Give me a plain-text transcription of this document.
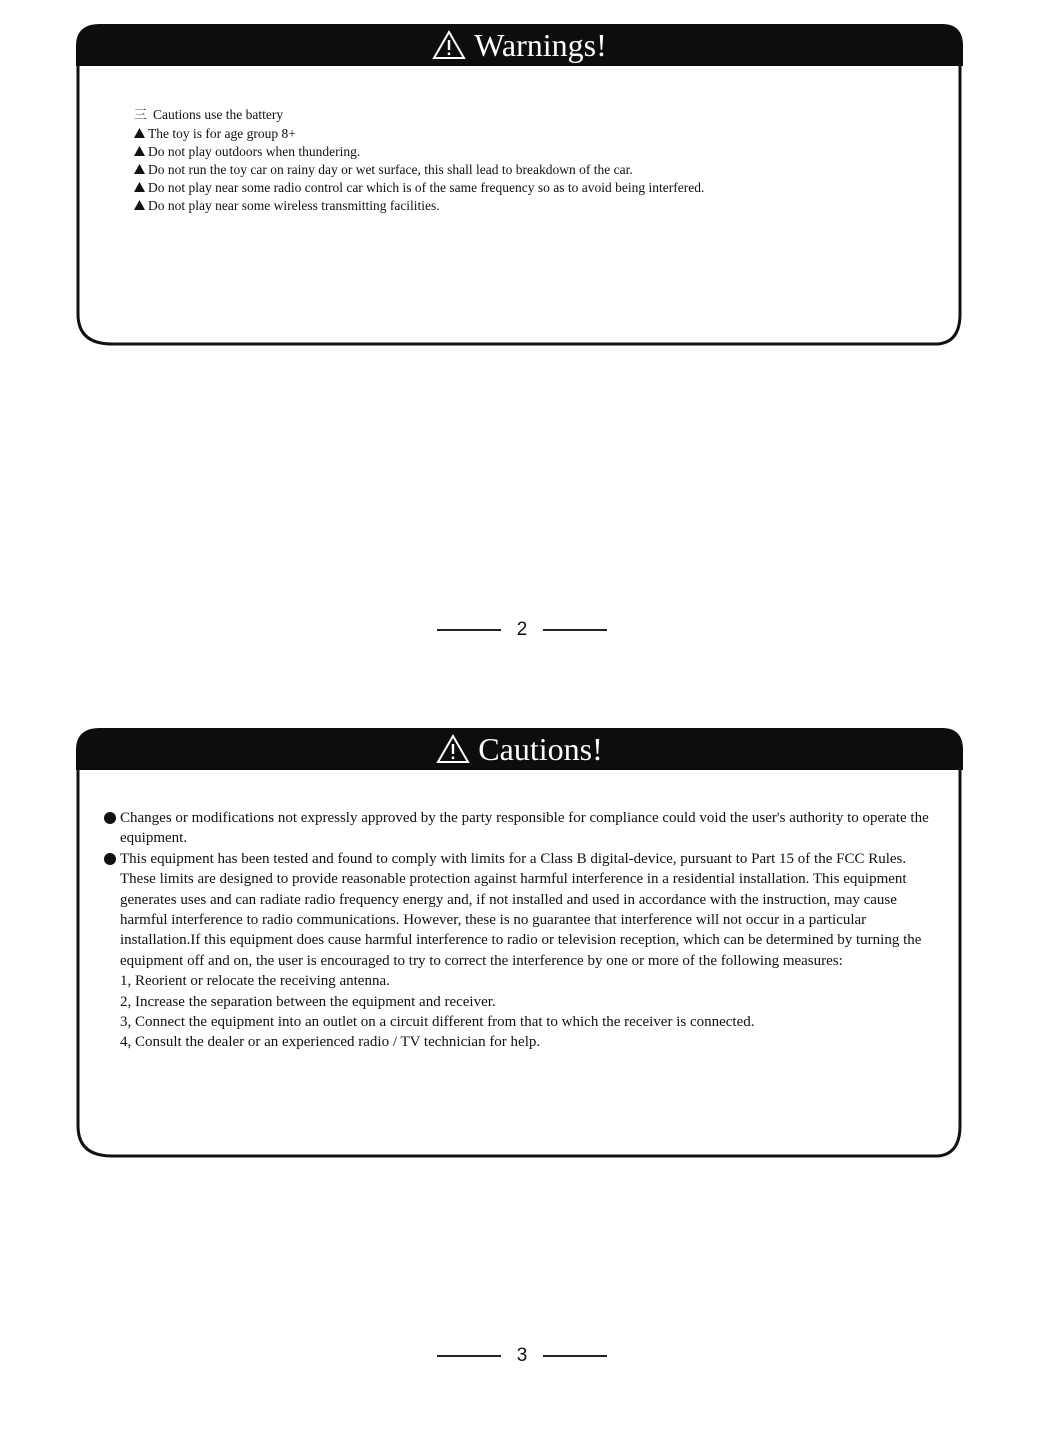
Warnings!
三 Cautions use the battery
The toy is for age group 8+
Do not play outdoors when thundering.
Do not run the toy car on rainy day or wet surface, this shall lead to breakdown of the car.
Do not play near some radio control car which is of the same frequency so as to avoid being interfered.
Do not play near some wireless transmitting facilities.
2
Cautions!
Changes or modifications not expressly approved by the party responsible for compliance could void the user's authority to operate the equipment.
This equipment has been tested and found to comply with limits for a Class B digital-device, pursuant to Part 15 of the FCC Rules. These limits are designed to provide reasonable protection against harmful interference in a residential installation. This equipment generates uses and can radiate radio frequency energy and, if not installed and used in accordance with the instruction, may cause harmful interference to radio communications. However, these is no guarantee that interference will not occur in a particular installation.If this equipment does cause harmful interference to radio or television reception, which can be determined by turning the equipment off and on, the user is encouraged to try to correct the interference by one or more of the following measures:
1, Reorient or relocate the receiving antenna.
2, Increase the separation between the equipment and receiver.
3, Connect the equipment into an outlet on a circuit different from that to which the receiver is connected.
4, Consult the dealer or an experienced radio / TV technician for help.
3
